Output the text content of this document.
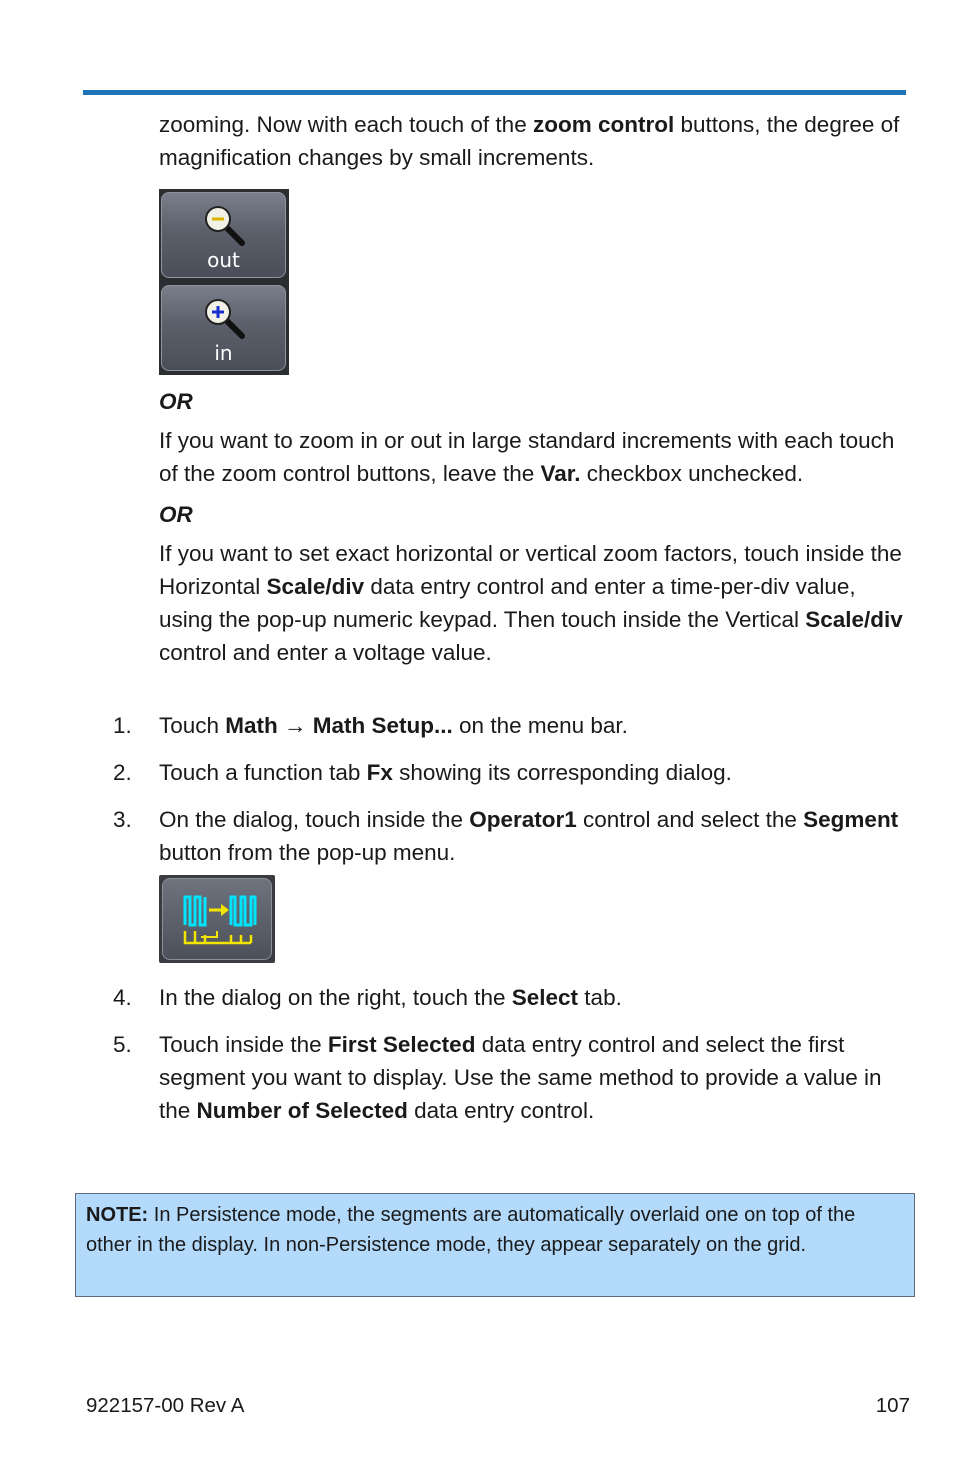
zooming. Now with each touch of the zoom control buttons, the degree of magnification changes by small increments.

out
in

OR

If you want to zoom in or out in large standard increments with each touch of the zoom control buttons, leave the Var. checkbox unchecked.

OR

If you want to set exact horizontal or vertical zoom factors, touch inside the Horizontal Scale/div data entry control and enter a time-per-div value, using the pop-up numeric keypad. Then touch inside the Vertical Scale/div control and enter a voltage value.

1. Touch Math → Math Setup... on the menu bar.
2. Touch a function tab Fx showing its corresponding dialog.
3. On the dialog, touch inside the Operator1 control and select the Segment button from the pop-up menu.
4. In the dialog on the right, touch the Select tab.
5. Touch inside the First Selected data entry control and select the first segment you want to display. Use the same method to provide a value in the Number of Selected data entry control.
NOTE: In Persistence mode, the segments are automatically overlaid one on top of the other in the display. In non-Persistence mode, they appear separately on the grid.
922157-00 Rev A	107
